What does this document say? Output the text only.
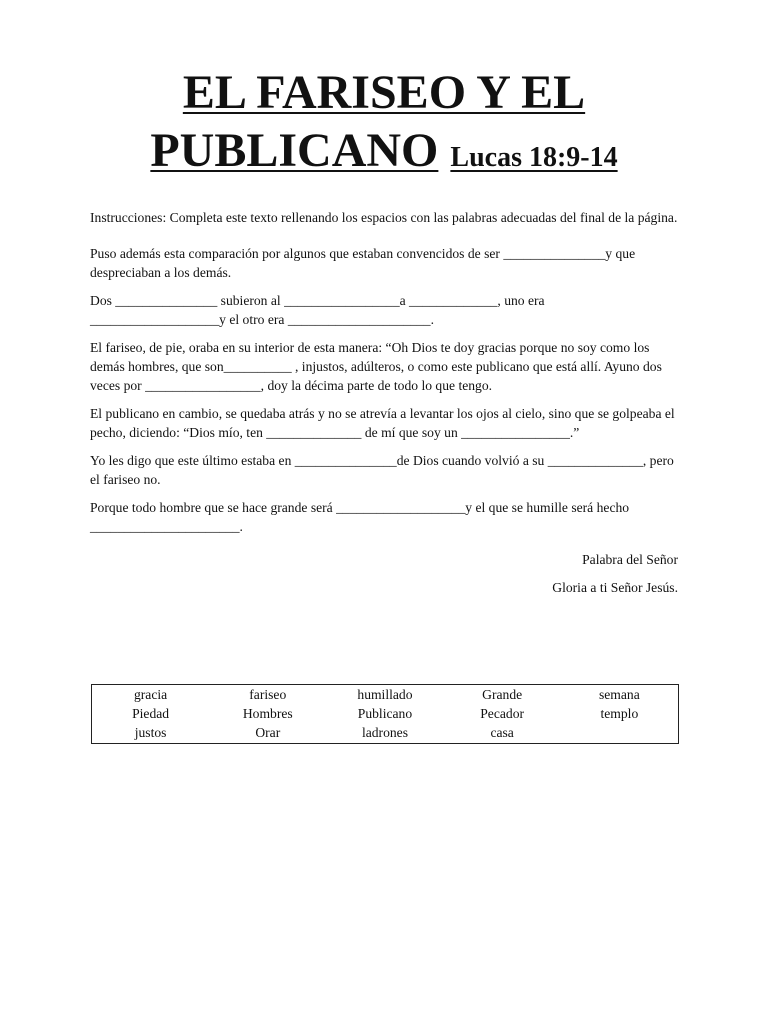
EL FARISEO Y EL
PUBLICANO Lucas 18:9-14

Instrucciones: Completa este texto rellenando los espacios con las palabras adecuadas del final de la página.

Puso además esta comparación por algunos que estaban convencidos de ser _______________y que despreciaban a los demás.

Dos _______________ subieron al _________________a _____________, uno era ___________________y el otro era _____________________.

El fariseo, de pie, oraba en su interior de esta manera: “Oh Dios te doy gracias porque no soy como los demás hombres, que son__________ , injustos, adúlteros, o como este publicano que está allí. Ayuno dos veces por _________________, doy la décima parte de todo lo que tengo.

El publicano en cambio, se quedaba atrás y no se atrevía a levantar los ojos al cielo, sino que se golpeaba el pecho, diciendo: “Dios mío, ten ______________ de mí que soy un ________________.”

Yo les digo que este último estaba en _______________de Dios cuando volvió a su ______________, pero el fariseo no.

Porque todo hombre que se hace grande será ___________________y el que se humille será hecho ______________________.

Palabra del Señor

Gloria a ti Señor Jesús.

gracia	fariseo	humillado	Grande	semana
Piedad	Hombres	Publicano	Pecador	templo
justos	Orar	ladrones	casa	
